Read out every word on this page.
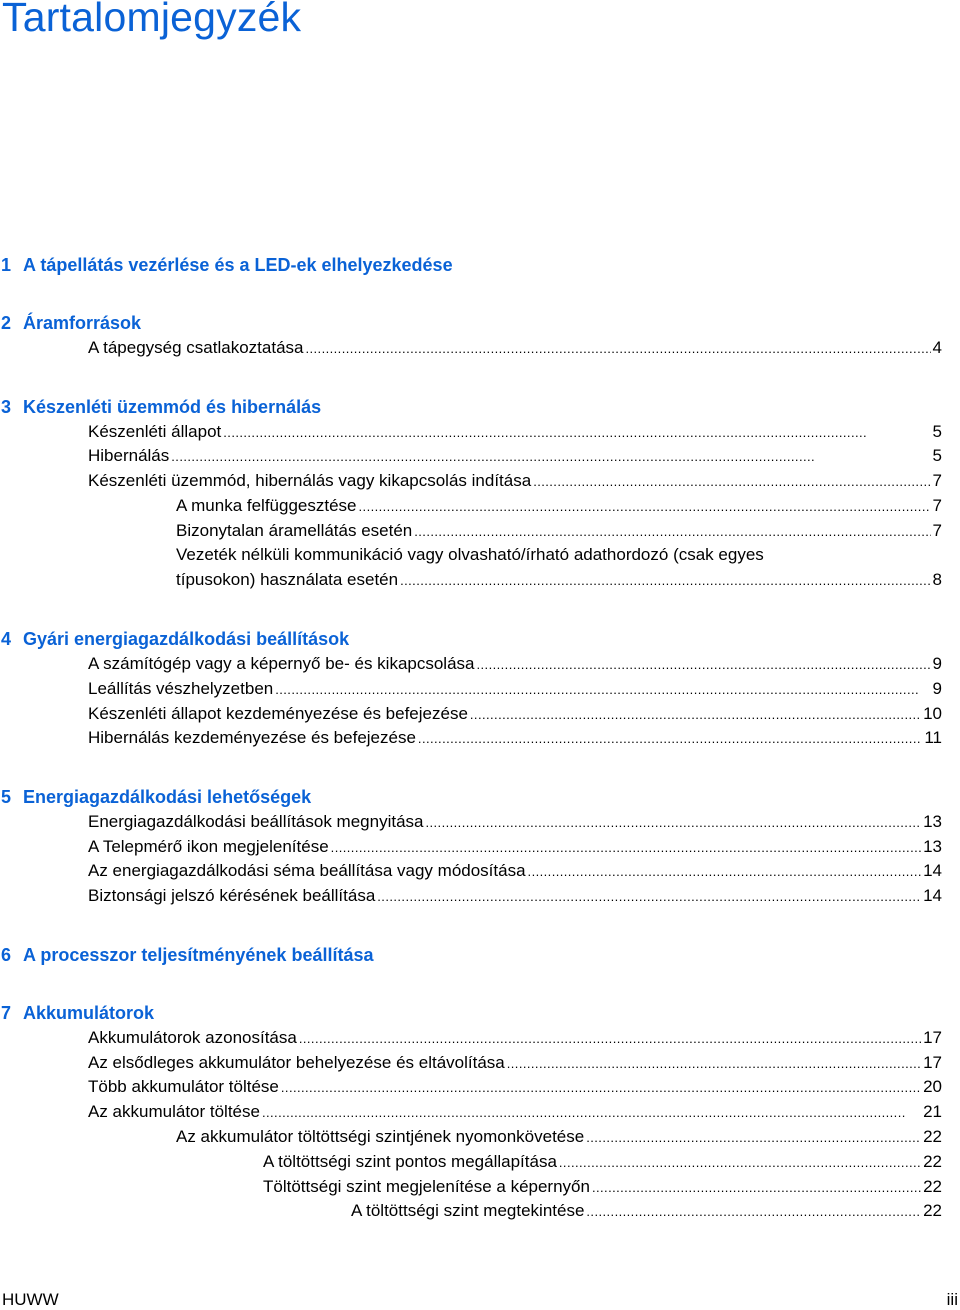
Tartalomjegyzék
1 A tápellátás vezérlése és a LED-ek elhelyezkedése
2 Áramforrások
A tápegység csatlakoztatása . . .	4
3 Készenléti üzemmód és hibernálás
Készenléti állapot . . .	5
Hibernálás . . .	5
Készenléti üzemmód, hibernálás vagy kikapcsolás indítása . . .	7
A munka felfüggesztése . . .	7
Bizonytalan áramellátás esetén . . .	7
Vezeték nélküli kommunikáció vagy olvasható/írható adathordozó (csak egyes
típusokon) használata esetén . . .	8
4 Gyári energiagazdálkodási beállítások
A számítógép vagy a képernyő be- és kikapcsolása . . .	9
Leállítás vészhelyzetben . . .	9
Készenléti állapot kezdeményezése és befejezése . . .	10
Hibernálás kezdeményezése és befejezése . . .	11
5 Energiagazdálkodási lehetőségek
Energiagazdálkodási beállítások megnyitása . . .	13
A Telepmérő ikon megjelenítése . . .	13
Az energiagazdálkodási séma beállítása vagy módosítása . . .	14
Biztonsági jelszó kérésének beállítása . . .	14
6 A processzor teljesítményének beállítása
7 Akkumulátorok
Akkumulátorok azonosítása . . .	17
Az elsődleges akkumulátor behelyezése és eltávolítása . . .	17
Több akkumulátor töltése . . .	20
Az akkumulátor töltése . . .	21
Az akkumulátor töltöttségi szintjének nyomonkövetése . . .	22
A töltöttségi szint pontos megállapítása . . .	22
Töltöttségi szint megjelenítése a képernyőn . . .	22
A töltöttségi szint megtekintése . . .	22
HUWW	iii
